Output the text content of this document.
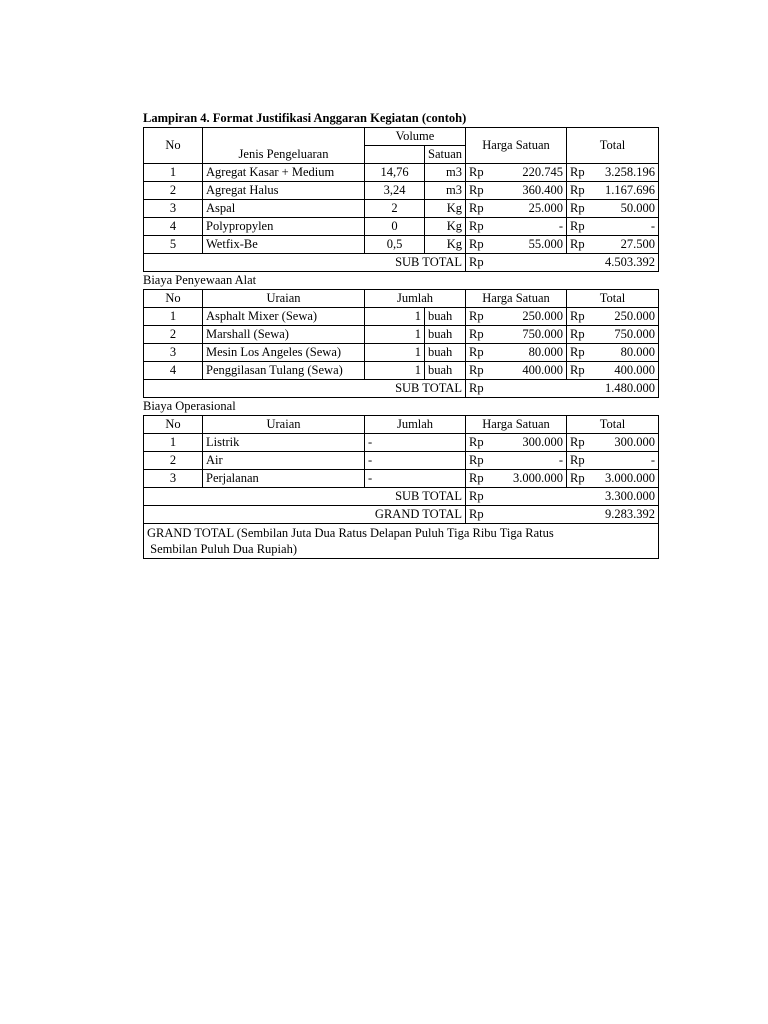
Lampiran 4. Format Justifikasi Anggaran Kegiatan (contoh)
No	Jenis Pengeluaran	Volume		Harga Satuan		Total	
			Satuan				
1	Agregat Kasar + Medium	14,76	m3	Rp	220.745	Rp	3.258.196
2	Agregat Halus	3,24	m3	Rp	360.400	Rp	1.167.696
3	Aspal	2	Kg	Rp	25.000	Rp	50.000
4	Polypropylen	0	Kg	Rp	-	Rp	-
5	Wetfix-Be	0,5	Kg	Rp	55.000	Rp	27.500
SUB TOTAL				Rp			4.503.392
Biaya Penyewaan Alat
No	Uraian	Jumlah		Harga Satuan		Total	
1	Asphalt Mixer (Sewa)	1	buah	Rp	250.000	Rp	250.000
2	Marshall (Sewa)	1	buah	Rp	750.000	Rp	750.000
3	Mesin Los Angeles (Sewa)	1	buah	Rp	80.000	Rp	80.000
4	Penggilasan Tulang (Sewa)	1	buah	Rp	400.000	Rp	400.000
SUB TOTAL				Rp			1.480.000
Biaya Operasional
No	Uraian	Jumlah	Harga Satuan		Total	
1	Listrik	-	Rp	300.000	Rp	300.000
2	Air	-	Rp	-	Rp	-
3	Perjalanan	-	Rp	3.000.000	Rp	3.000.000
SUB TOTAL			Rp			3.300.000
GRAND TOTAL			Rp			9.283.392
GRAND TOTAL (Sembilan Juta Dua Ratus Delapan Puluh Tiga Ribu Tiga Ratus
Sembilan Puluh Dua Rupiah)						
